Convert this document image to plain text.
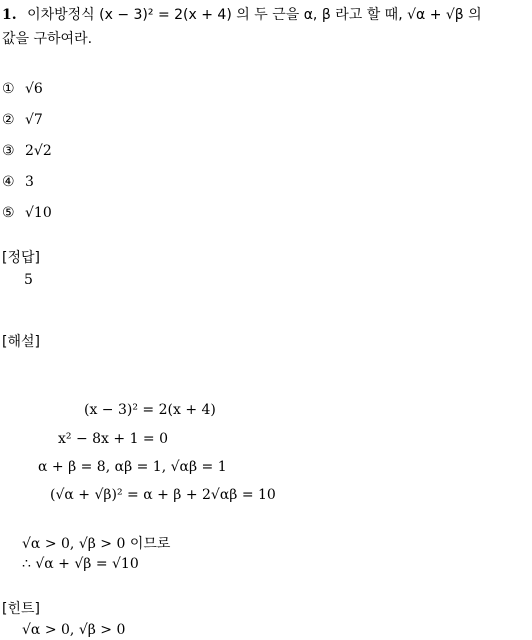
1. 이차방정식 (x − 3)² = 2(x + 4) 의 두 근을 α, β 라고 할 때, √α + √β 의
값을 구하여라.
① √6
② √7
③ 2√2
④ 3
⑤ √10
[정답]
5
[해설]
(x − 3)² = 2(x + 4)
x² − 8x + 1 = 0
α + β = 8, αβ = 1, √αβ = 1
(√α + √β)² = α + β + 2√αβ = 10
√α > 0, √β > 0 이므로
∴ √α + √β = √10
[힌트]
√α > 0, √β > 0
